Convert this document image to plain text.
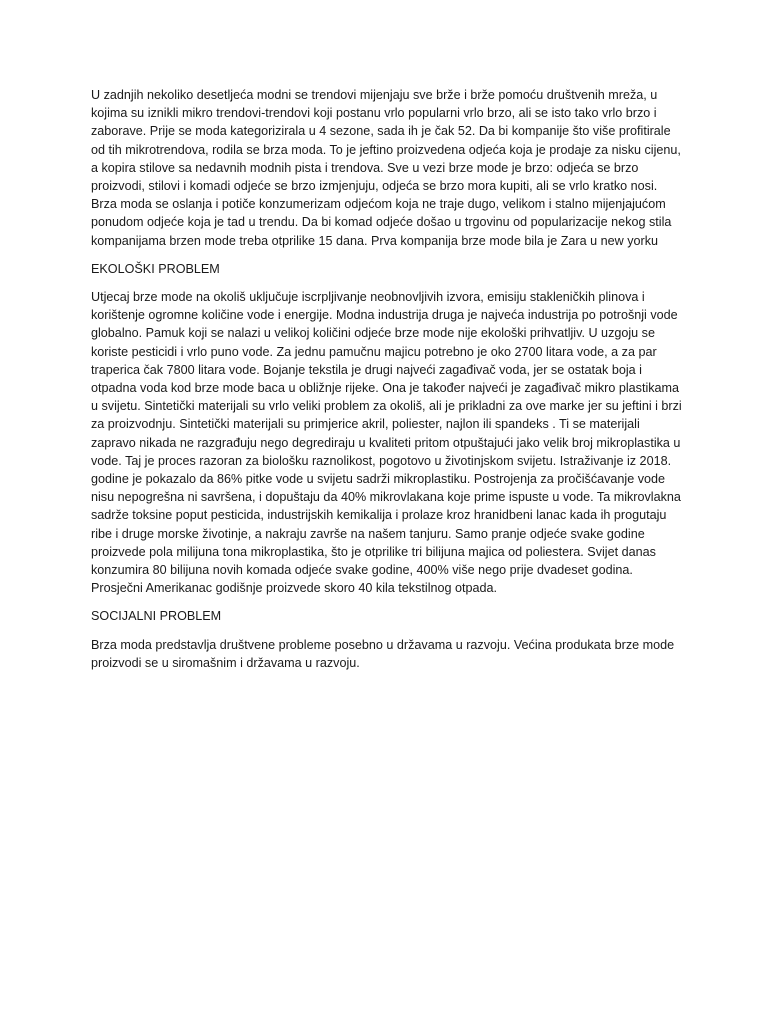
U zadnjih nekoliko desetljeća modni se trendovi mijenjaju sve brže i brže pomoću društvenih mreža, u kojima su iznikli mikro trendovi-trendovi koji postanu vrlo popularni vrlo brzo, ali se isto tako vrlo brzo i zaborave. Prije se moda kategorizirala u 4 sezone, sada ih je čak 52. Da bi kompanije što više profitirale od tih mikrotrendova, rodila se brza moda. To je jeftino proizvedena odjeća koja je prodaje za nisku cijenu, a kopira stilove sa nedavnih modnih pista i trendova. Sve u vezi brze mode je brzo: odjeća se brzo proizvodi, stilovi i komadi odjeće se brzo izmjenjuju, odjeća se brzo mora kupiti, ali se vrlo kratko nosi. Brza moda se oslanja i potiče konzumerizam odjećom koja ne traje dugo, velikom i stalno mijenjajućom ponudom odjeće koja je tad u trendu. Da bi komad odjeće došao u trgovinu od popularizacije nekog stila kompanijama brzen mode treba otprilike 15 dana. Prva kompanija brze mode bila je Zara u new yorku

EKOLOŠKI PROBLEM

Utjecaj brze mode na okoliš uključuje iscrpljivanje neobnovljivih izvora, emisiju stakleničkih plinova i korištenje ogromne količine vode i energije. Modna industrija druga je najveća industrija po potrošnji vode globalno. Pamuk koji se nalazi u velikoj količini odjeće brze mode nije ekološki prihvatljiv. U uzgoju se koriste pesticidi i vrlo puno vode. Za jednu pamučnu majicu potrebno je oko 2700 litara vode, a za par traperica čak 7800 litara vode. Bojanje tekstila je drugi najveći zagađivač voda, jer se ostatak boja i otpadna voda kod brze mode baca u obližnje rijeke. Ona je također najveći je zagađivač mikro plastikama u svijetu. Sintetički materijali su vrlo veliki problem za okoliš, ali je prikladni za ove marke jer su jeftini i brzi za proizvodnju. Sintetički materijali su primjerice akril, poliester, najlon ili spandeks . Ti se materijali zapravo nikada ne razgrađuju nego degrediraju u kvaliteti pritom otpuštajući jako velik broj mikroplastika u vode. Taj je proces razoran za biološku raznolikost, pogotovo u životinjskom svijetu. Istraživanje iz 2018. godine je pokazalo da 86% pitke vode u svijetu sadrži mikroplastiku. Postrojenja za pročišćavanje vode nisu nepogrešna ni savršena, i dopuštaju da 40% mikrovlakana koje prime ispuste u vode. Ta mikrovlakna sadrže toksine poput pesticida, industrijskih kemikalija i prolaze kroz hranidbeni lanac kada ih progutaju ribe i druge morske životinje, a nakraju završe na našem tanjuru. Samo pranje odjeće svake godine proizvede pola milijuna tona mikroplastika, što je otprilike tri bilijuna majica od poliestera. Svijet danas konzumira 80 bilijuna novih komada odjeće svake godine, 400% više nego prije dvadeset godina. Prosječni Amerikanac godišnje proizvede skoro 40 kila tekstilnog otpada.

SOCIJALNI PROBLEM

Brza moda predstavlja društvene probleme posebno u državama u razvoju. Većina produkata brze mode proizvodi se u siromašnim i državama u razvoju.
